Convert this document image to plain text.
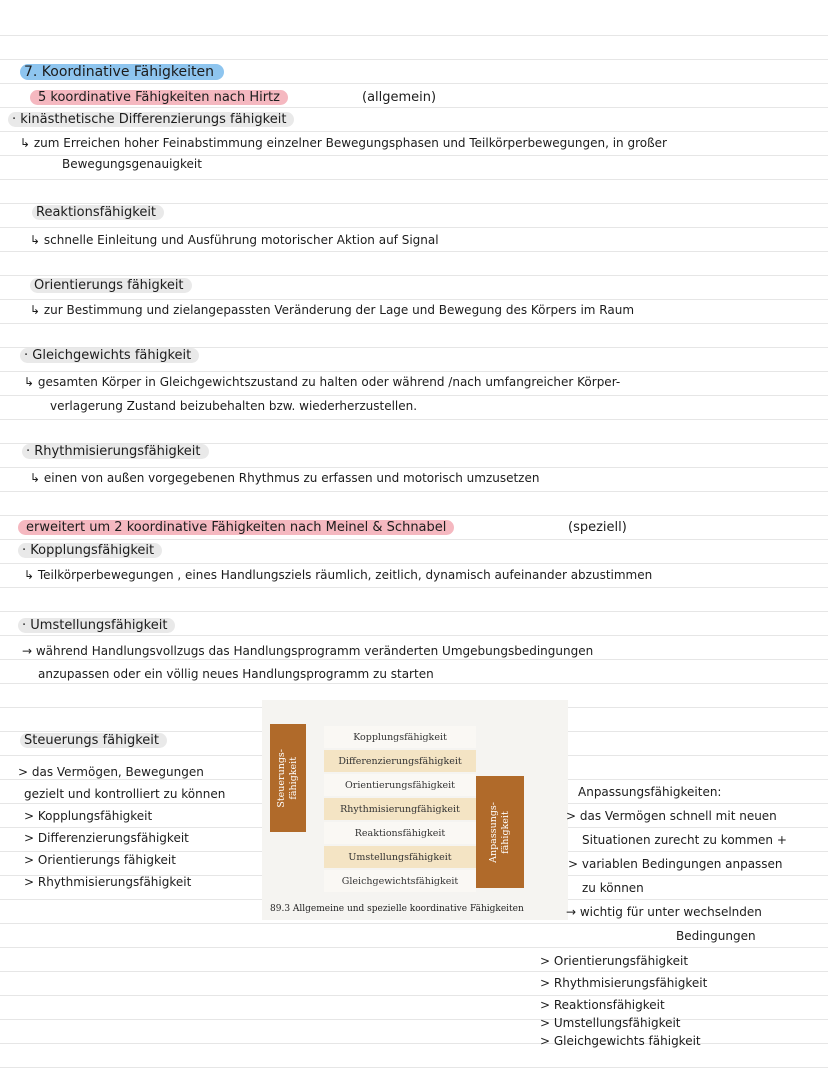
7. Koordinative Fähigkeiten
5 koordinative Fähigkeiten nach Hirtz	(allgemein)
· kinästhetische Differenzierungs fähigkeit
↳ zum Erreichen hoher Feinabstimmung einzelner Bewegungsphasen und Teilkörperbewegungen, in großer
Bewegungsgenauigkeit
Reaktionsfähigkeit
↳ schnelle Einleitung und Ausführung motorischer Aktion auf Signal
Orientierungs fähigkeit
↳ zur Bestimmung und zielangepassten Veränderung der Lage und Bewegung des Körpers im Raum
· Gleichgewichts fähigkeit
↳ gesamten Körper in Gleichgewichtszustand zu halten oder während /nach umfangreicher Körper-
verlagerung Zustand beizubehalten bzw. wiederherzustellen.
· Rhythmisierungsfähigkeit
↳ einen von außen vorgegebenen Rhythmus zu erfassen und motorisch umzusetzen
erweitert um 2 koordinative Fähigkeiten nach Meinel & Schnabel	(speziell)
· Kopplungsfähigkeit
↳ Teilkörperbewegungen , eines Handlungsziels räumlich, zeitlich, dynamisch aufeinander abzustimmen
· Umstellungsfähigkeit
→ während Handlungsvollzugs das Handlungsprogramm veränderten Umgebungsbedingungen
anzupassen oder ein völlig neues Handlungsprogramm zu starten
Steuerungs fähigkeit
> das Vermögen, Bewegungen
gezielt und kontrolliert zu können
> Kopplungsfähigkeit
> Differenzierungsfähigkeit
> Orientierungs fähigkeit
> Rhythmisierungsfähigkeit
Steuerungs-
fähigkeit
Anpassungs-
fähigkeit
Kopplungsfähigkeit
Differenzierungsfähigkeit
Orientierungsfähigkeit
Rhythmisierungfähigkeit
Reaktionsfähigkeit
Umstellungsfähigkeit
Gleichgewichtsfähigkeit
89.3 Allgemeine und spezielle koordinative Fähigkeiten
Anpassungsfähigkeiten:
> das Vermögen schnell mit neuen
Situationen zurecht zu kommen +
> variablen Bedingungen anpassen
zu können
→ wichtig für unter wechselnden
Bedingungen
> Orientierungsfähigkeit
> Rhythmisierungsfähigkeit
> Reaktionsfähigkeit
> Umstellungsfähigkeit
> Gleichgewichts fähigkeit
